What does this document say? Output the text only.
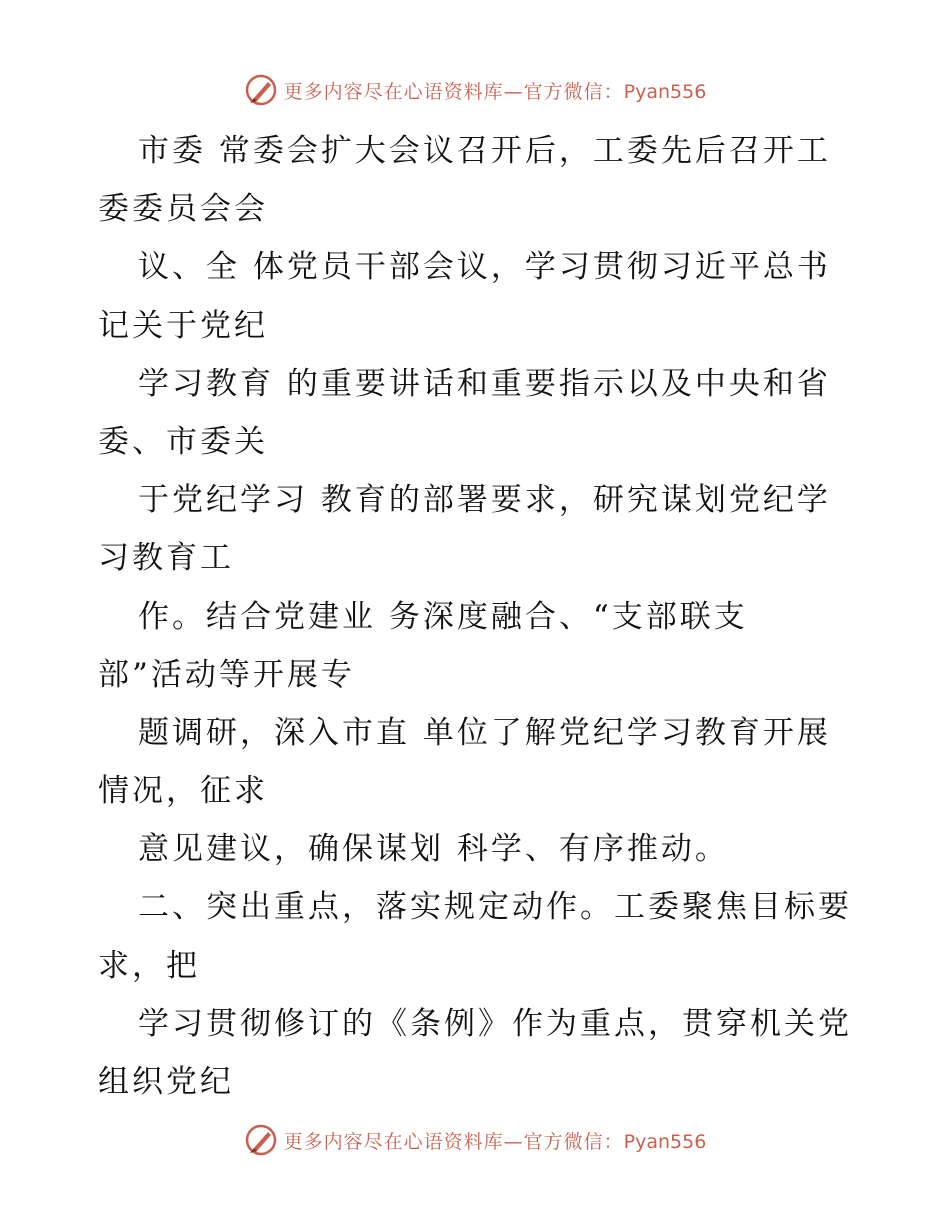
更多内容尽在心语资料库—官方微信：Pyan556
市委 常委会扩大会议召开后，工委先后召开工
委委员会会
议、全 体党员干部会议，学习贯彻习近平总书
记关于党纪
学习教育 的重要讲话和重要指示以及中央和省
委、市委关
于党纪学习 教育的部署要求，研究谋划党纪学
习教育工
作。结合党建业 务深度融合、“支部联支
部”活动等开展专
题调研，深入市直 单位了解党纪学习教育开展
情况，征求
意见建议，确保谋划 科学、有序推动。
二、突出重点，落实规定动作。工委聚焦目标要
求，把
学习贯彻修订的《条例》作为重点，贯穿机关党
组织党纪
更多内容尽在心语资料库—官方微信：Pyan556
